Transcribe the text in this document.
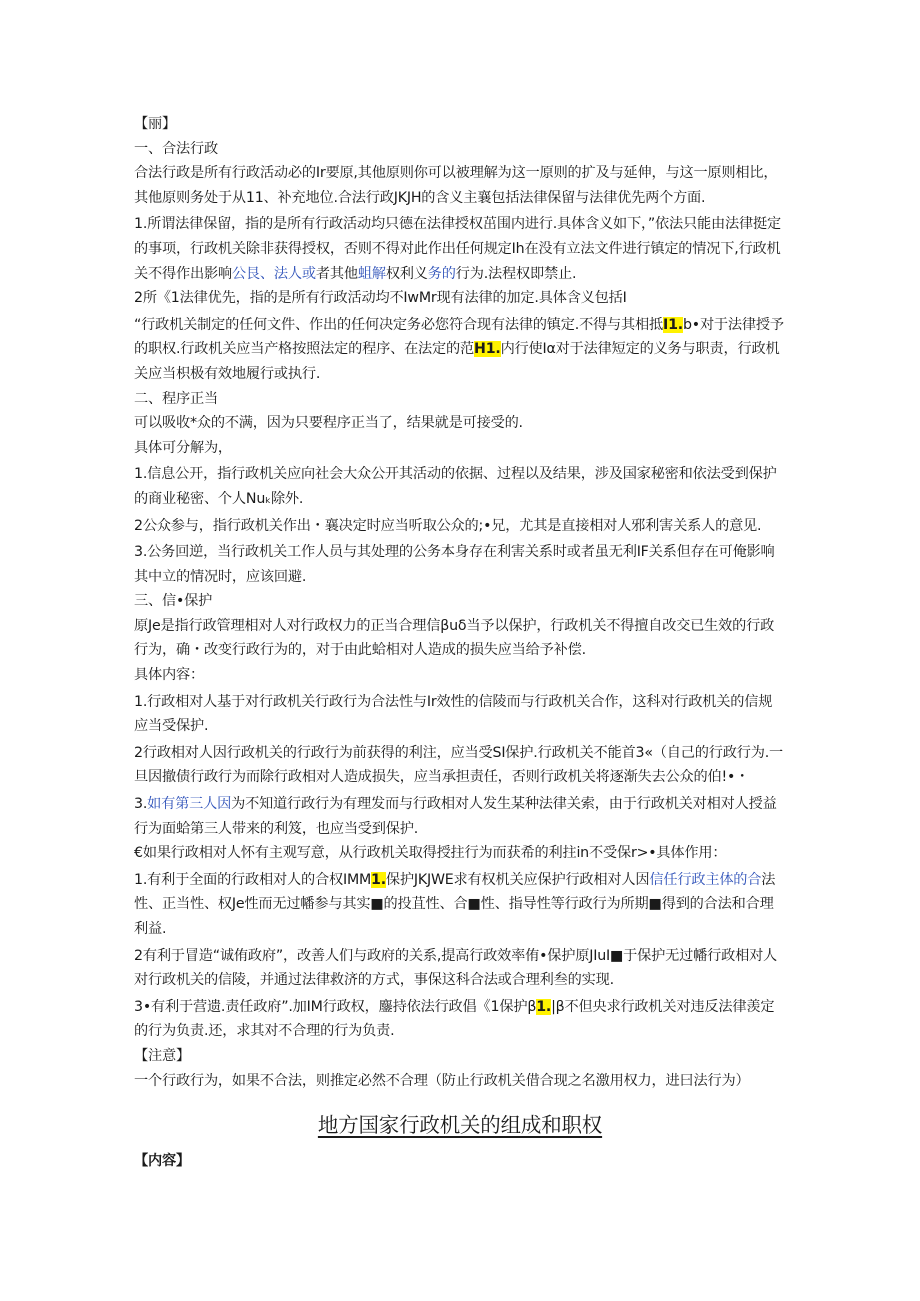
【丽】

一、合法行政

合法行政是所有行政活动必的Ir要原,其他原则你可以被理解为这一原则的扩及与延伸，与这一原则相比，其他原则务处于从11、补充地位.合法行政JKJH的含义主襄包括法律保留与法律优先两个方面.

1.所谓法律保留，指的是所有行政活动均只德在法律授权茁围内进行.具体含义如下，”依法只能由法律挺定的事项，行政机关除非获得授权，否则不得对此作出任何规定Ih在没有立法文件进行镇定的情况下,行政机关不得作出影响公艮、法人或者其他蛆解权利义务的行为.法程权即禁止.

2所《1法律优先，指的是所有行政活动均不IwMr现有法律的加定.具体含义包括I

“行政机关制定的任何文件、作出的任何决定务必您符合现有法律的镇定.不得与其相抵I1.b•对于法律授予的职权.行政机关应当产格按照法定的程序、在法定的范H1.内行使Iα对于法律短定的义务与职责，行政机关应当枳极有效地履行或执行.

二、程序正当

可以吸收*众的不满，因为只要程序正当了，结果就是可接受的.

具体可分解为，

1.信息公开，指行政机关应向社会大众公开其活动的依据、过程以及结果，涉及国家秘密和依法受到保护的商业秘密、个人Nuₖ除外.

2公众参与，指行政机关作出・襄决定时应当听取公众的;•兄，尤其是直接相对人邪利害关系人的意见.

3.公务回逆，当行政机关工作人员与其处理的公务本身存在利害关系时或者虽无利IF关系但存在可俺影响其中立的情况时，应该回避.

三、信•保护

原Je是指行政管理相对人对行政权力的正当合理信βuδ当予以保护，行政机关不得擅自改交已生效的行政行为，确・改变行政行为的，对于由此蛤相对人造成的损失应当给予补偿.

具体内容：

1.行政相对人基于对行政机关行政行为合法性与Ir效性的信陵而与行政机关合作，这科对行政机关的信规应当受保护.

2行政相对人因行政机关的行政行为前获得的利注，应当受SI保护.行政机关不能首3«（自己的行政行为.一旦因撤债行政行为而除行政相对人造成损失，应当承担责任，否则行政机关将逐渐失去公众的伯!•・

3.如有第三人因为不知道行政行为有理发而与行政相对人发生某种法律关索，由于行政机关对相对人授益行为面蛤第三人带来的利笈，也应当受到保护.

€如果行政相对人怀有主观写意，从行政机关取得授拄行为而获希的利拄in不受保r>•具体作用：

1.有利于全面的行政相对人的合权IMM1.保护JKJWE求有权机关应保护行政相对人因信任行政主体的合法性、正当性、权Je性而无过幡参与其实■的投苴性、合■性、指导性等行政行为所期■得到的合法和合理利益.

2有利于冒造“诚侑政府”，改善人们与政府的关系,提高行政效率侑•保护原JIuI■于保护无过幡行政相对人对行政机关的信陵，并通过法律救济的方式，事保这科合法或合理利叁的实现.

3•有利于营遗.责任政府”.加IM行政权，鏖持依法行政倡《1保护β1.|β不但央求行政机关对违反法律羡定的行为负责.还，求其对不合理的行为负责.

【注意】

一个行政行为，如果不合法，则推定必然不合理（防止行政机关借合现之名激用权力，进曰法行为）

地方国家行政机关的组成和职权

【内容】
